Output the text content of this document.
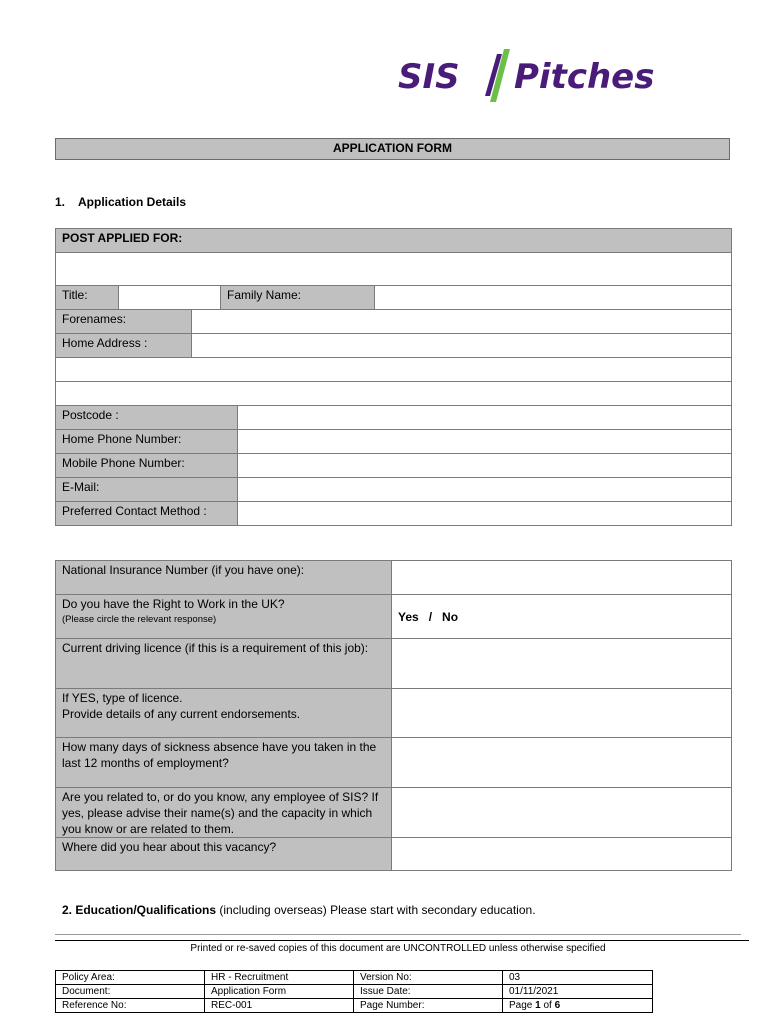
SIS Pitches
APPLICATION FORM
1. Application Details
POST APPLIED FOR:					

Title:			Family Name:		
Forenames:					
Home Address :					

Postcode :					
Home Phone Number:					
Mobile Phone Number:					
E-Mail:					
Preferred Contact Method :					
National Insurance Number (if you have one):	

Do you have the Right to Work in the UK?
(Please circle the relevant response)	Yes   /   No
Current driving licence (if this is a requirement of this job):	

If YES, type of licence.
Provide details of any current endorsements.	

How many days of sickness absence have you taken in the last 12 months of employment?	
Are you related to, or do you know, any employee of SIS? If yes, please advise their name(s) and the capacity in which you know or are related to them.	
Where did you hear about this vacancy?	
2. Education/Qualifications (including overseas) Please start with secondary education.
Printed or re-saved copies of this document are UNCONTROLLED unless otherwise specified
Policy Area:	HR - Recruitment	Version No:	03
Document:	Application Form	Issue Date:	01/11/2021
Reference No:	REC-001	Page Number:	Page 1 of 6
